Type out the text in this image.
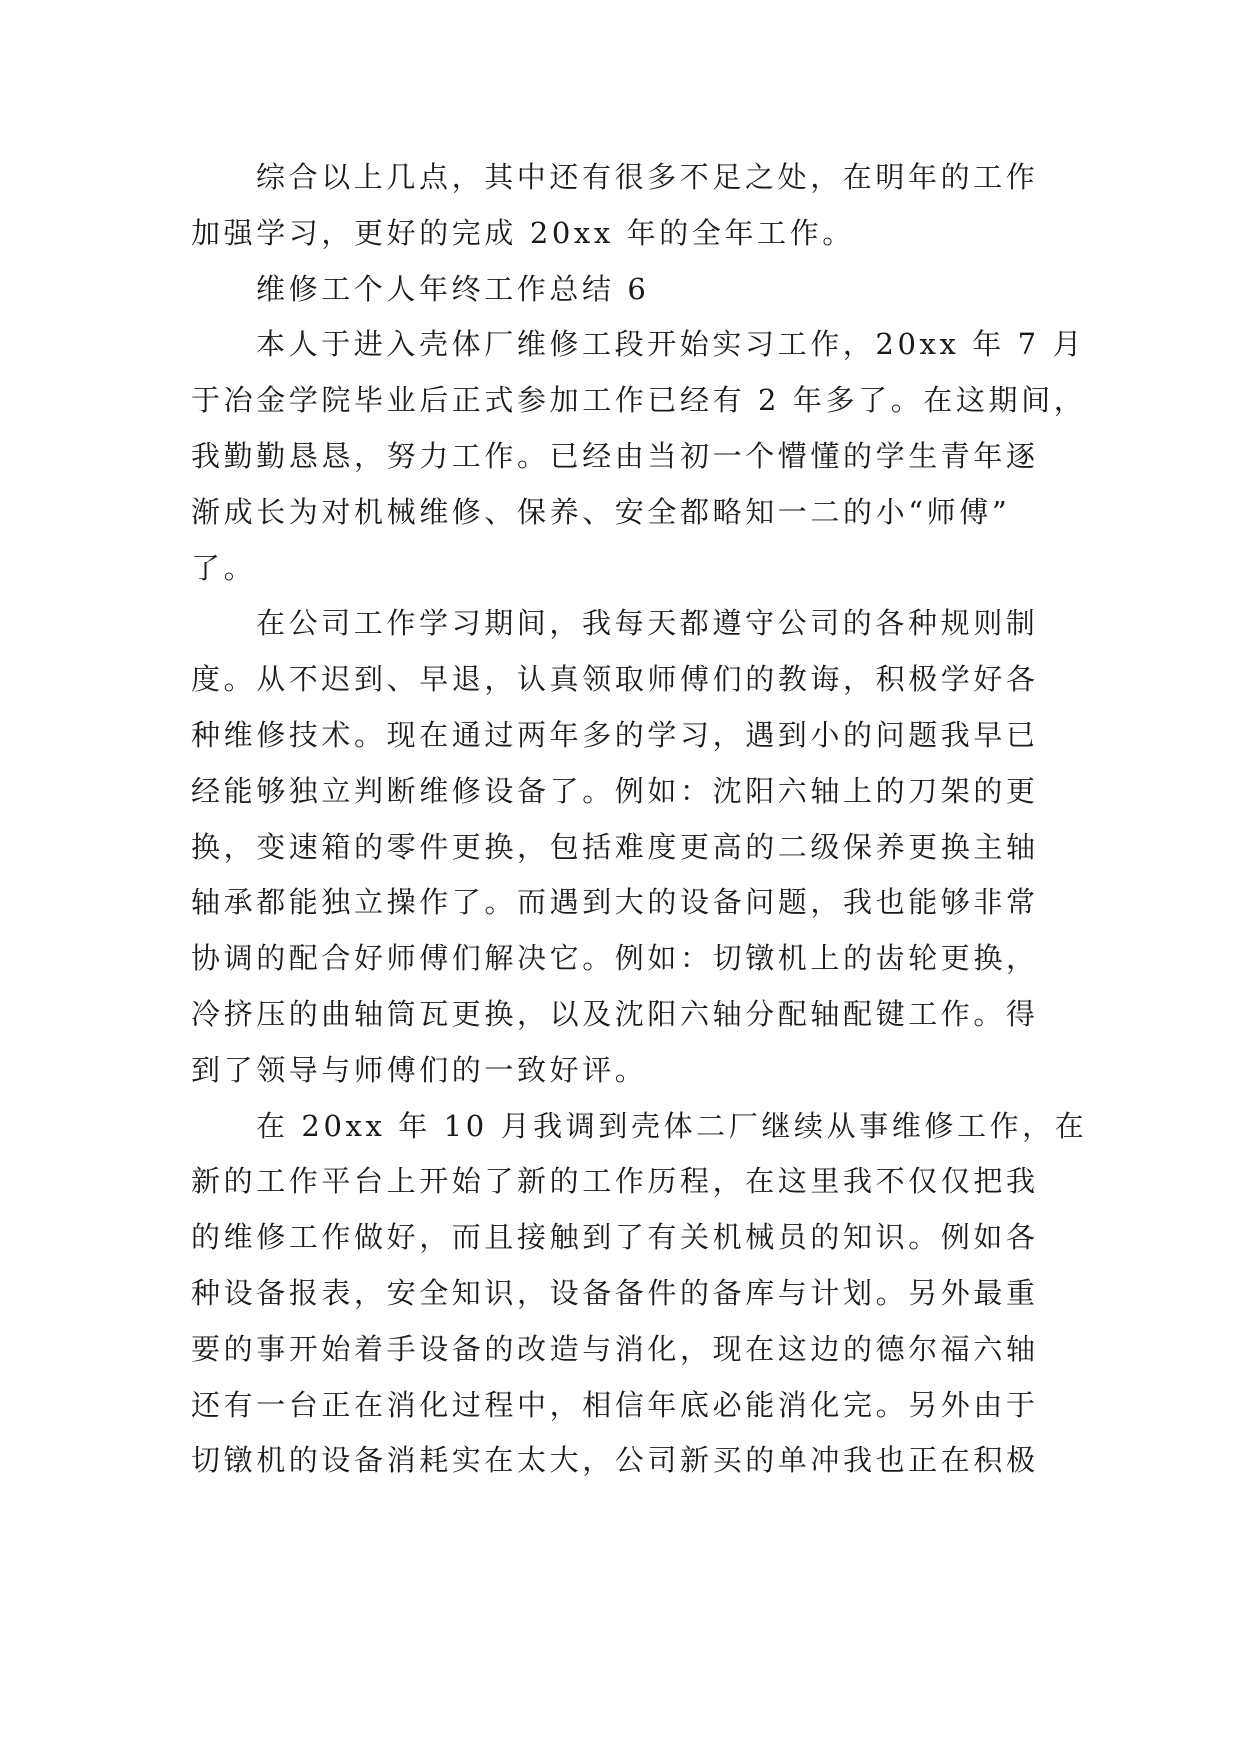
综合以上几点，其中还有很多不足之处，在明年的工作
加强学习，更好的完成 20xx 年的全年工作。
维修工个人年终工作总结 6
本人于进入壳体厂维修工段开始实习工作，20xx 年 7 月
于冶金学院毕业后正式参加工作已经有 2 年多了。在这期间，
我勤勤恳恳，努力工作。已经由当初一个懵懂的学生青年逐
渐成长为对机械维修、保养、安全都略知一二的小“师傅”
了。
在公司工作学习期间，我每天都遵守公司的各种规则制
度。从不迟到、早退，认真领取师傅们的教诲，积极学好各
种维修技术。现在通过两年多的学习，遇到小的问题我早已
经能够独立判断维修设备了。例如：沈阳六轴上的刀架的更
换，变速箱的零件更换，包括难度更高的二级保养更换主轴
轴承都能独立操作了。而遇到大的设备问题，我也能够非常
协调的配合好师傅们解决它。例如：切镦机上的齿轮更换，
冷挤压的曲轴筒瓦更换，以及沈阳六轴分配轴配键工作。得
到了领导与师傅们的一致好评。
在 20xx 年 10 月我调到壳体二厂继续从事维修工作，在
新的工作平台上开始了新的工作历程，在这里我不仅仅把我
的维修工作做好，而且接触到了有关机械员的知识。例如各
种设备报表，安全知识，设备备件的备库与计划。另外最重
要的事开始着手设备的改造与消化，现在这边的德尔福六轴
还有一台正在消化过程中，相信年底必能消化完。另外由于
切镦机的设备消耗实在太大，公司新买的单冲我也正在积极
